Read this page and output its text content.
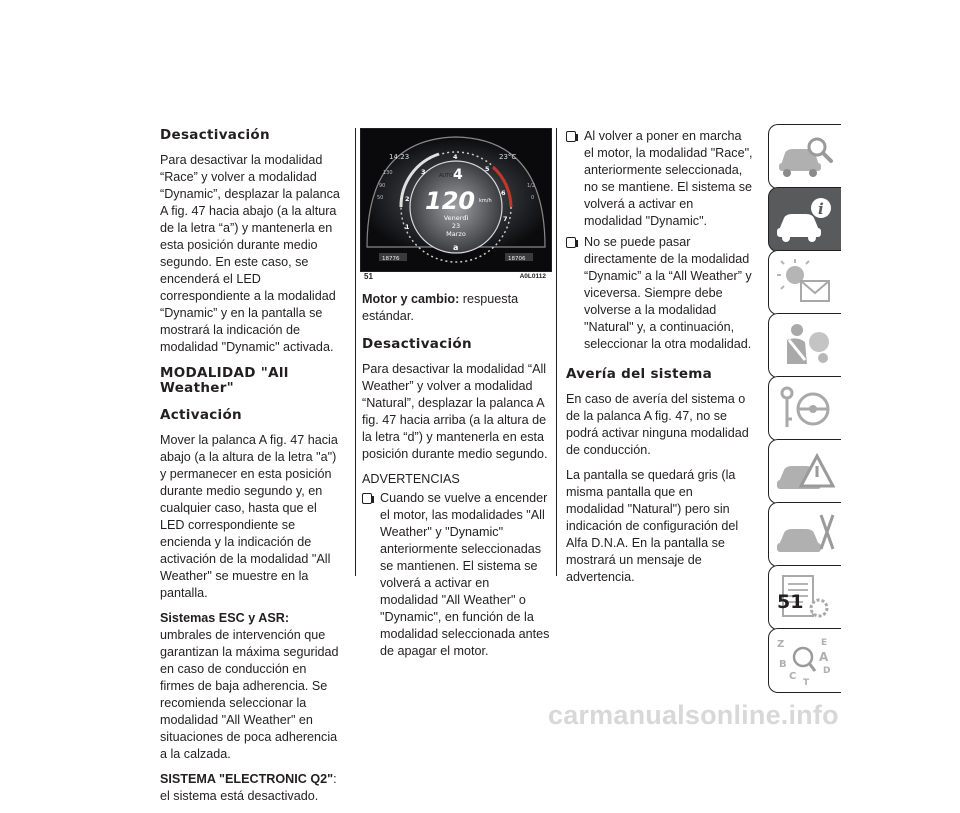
Desactivación

Para desactivar la modalidad “Race” y volver a modalidad “Dynamic”, desplazar la palanca A fig. 47 hacia abajo (a la altura de la letra “a”) y mantenerla en esta posición durante medio segundo. En este caso, se encenderá el LED correspondiente a la modalidad “Dynamic” y en la pantalla se mostrará la indicación de modalidad "Dynamic" activada.

MODALIDAD "All Weather"
Activación

Mover la palanca A fig. 47 hacia abajo (a la altura de la letra "a") y permanecer en esta posición durante medio segundo y, en cualquier caso, hasta que el LED correspondiente se encienda y la indicación de activación de la modalidad "All Weather" se muestre en la pantalla.

Sistemas ESC y ASR: umbrales de intervención que garantizan la máxima seguridad en caso de conducción en firmes de baja adherencia. Se recomienda seleccionar la modalidad "All Weather" en situaciones de poca adherencia a la calzada.

SISTEMA "ELECTRONIC Q2": el sistema está desactivado.

14:23	23°C
130
90
50
1/2
0
1
2
3
4
5
6
7
AUTO 4
120 km/h
Venerdì
23
Marzo
a
18776	18706
51	A0L0112

Motor y cambio: respuesta estándar.

Desactivación

Para desactivar la modalidad “All Weather” y volver a modalidad “Natural”, desplazar la palanca A fig. 47 hacia arriba (a la altura de la letra “d”) y mantenerla en esta posición durante medio segundo.

ADVERTENCIAS

Cuando se vuelve a encender el motor, las modalidades "All Weather" y "Dynamic" anteriormente seleccionadas se mantienen. El sistema se volverá a activar en modalidad "All Weather" o "Dynamic", en función de la modalidad seleccionada antes de apagar el motor.
Al volver a poner en marcha el motor, la modalidad "Race", anteriormente seleccionada, no se mantiene. El sistema se volverá a activar en modalidad "Dynamic".
No se puede pasar directamente de la modalidad “Dynamic” a la “All Weather” y viceversa. Siempre debe volverse a la modalidad "Natural" y, a continuación, seleccionar la otra modalidad.
Avería del sistema

En caso de avería del sistema o de la palanca A fig. 47, no se podrá activar ninguna modalidad de conducción.

La pantalla se quedará gris (la misma pantalla que en modalidad "Natural") pero sin indicación de configuración del Alfa D.N.A. En la pantalla se mostrará un mensaje de advertencia.

i
Z	E
A
B
C	D
T
51
carmanualsonline.info
